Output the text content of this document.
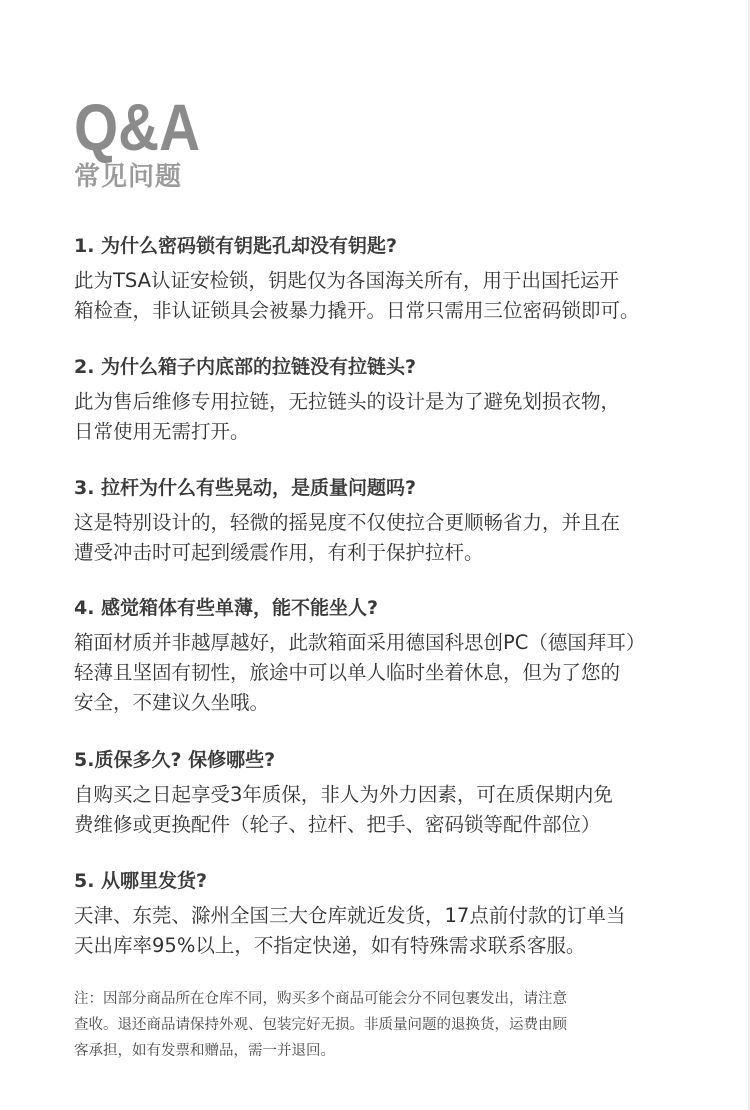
Q&A
常见问题

1. 为什么密码锁有钥匙孔却没有钥匙?

此为TSA认证安检锁，钥匙仅为各国海关所有，用于出国托运开

箱检查，非认证锁具会被暴力撬开。日常只需用三位密码锁即可。

2. 为什么箱子内底部的拉链没有拉链头?

此为售后维修专用拉链，无拉链头的设计是为了避免划损衣物，

日常使用无需打开。

3. 拉杆为什么有些晃动，是质量问题吗?

这是特别设计的，轻微的摇晃度不仅使拉合更顺畅省力，并且在

遭受冲击时可起到缓震作用，有利于保护拉杆。

4. 感觉箱体有些单薄，能不能坐人?

箱面材质并非越厚越好，此款箱面采用德国科思创PC（德国拜耳）

轻薄且坚固有韧性，旅途中可以单人临时坐着休息，但为了您的

安全，不建议久坐哦。

5.质保多久? 保修哪些?

自购买之日起享受3年质保，非人为外力因素，可在质保期内免

费维修或更换配件（轮子、拉杆、把手、密码锁等配件部位）

5. 从哪里发货?

天津、东莞、滁州全国三大仓库就近发货，17点前付款的订单当

天出库率95%以上，不指定快递，如有特殊需求联系客服。

注：因部分商品所在仓库不同，购买多个商品可能会分不同包裹发出，请注意

查收。退还商品请保持外观、包装完好无损。非质量问题的退换货，运费由顾

客承担，如有发票和赠品，需一并退回。
